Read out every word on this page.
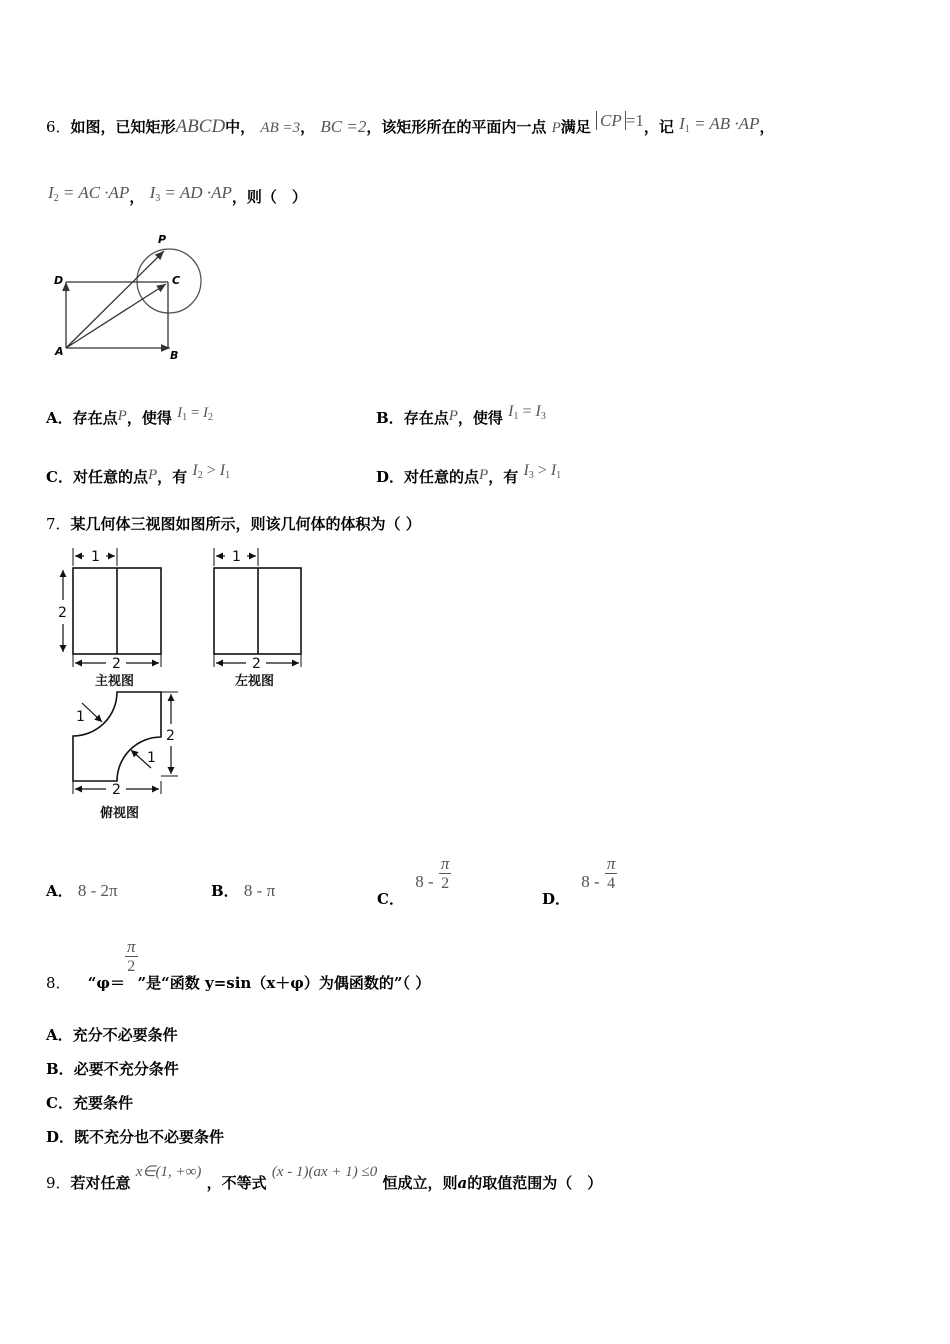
6．如图，已知矩形ABCD中， AB =3， BC =2，该矩形所在的平面内一点 P满足 CP =1，记 $I_1$ = AB ·AP，
$I_2$ = AC ·AP， $I_3$ = AD ·AP，则（　）
P
D	C
A	B
A．存在点P，使得 $I_1 = I_2$	B．存在点P，使得 $I_1 = I_3$
C．对任意的点P，有 $I_2 > I_1$	D．对任意的点P，有 $I_3 > I_1$
7．某几何体三视图如图所示，则该几何体的体积为（ ）
1
2
2
1
2
1
2
1
2
主视图	左视图
俯视图
A． 8 - 2π	B． 8 - π	C． $8 - \frac{\pi}{2}$
D． $8 - \frac{\pi}{4}$
8． “φ＝
$\frac{\pi}{2}$
”是“函数 y=sin（x＋φ）为偶函数的”（ ）
A．充分不必要条件
B．必要不充分条件
C．充要条件
D．既不充分也不必要条件
9．若对任意 x∈(1, +∞) ，不等式 (x - 1)(ax + 1) ≤0 恒成立，则a的取值范围为（　）
